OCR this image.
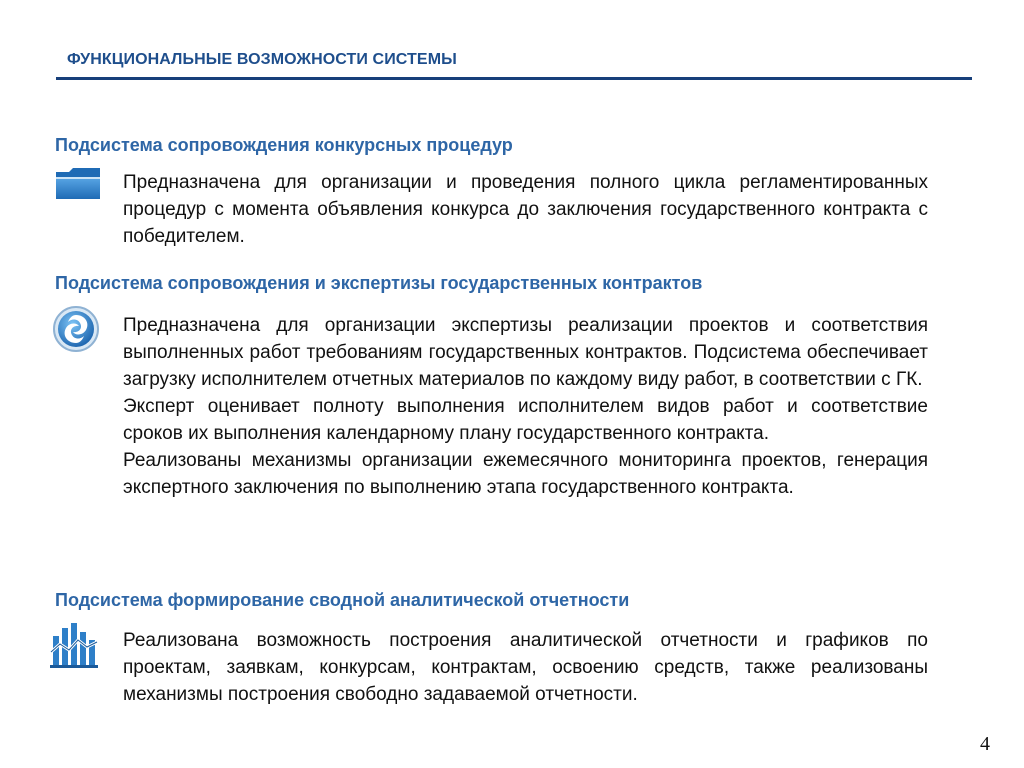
ФУНКЦИОНАЛЬНЫЕ ВОЗМОЖНОСТИ СИСТЕМЫ
Подсистема сопровождения конкурсных процедур

Предназначена для организации и проведения полного цикла регламентированных процедур с момента объявления конкурса до заключения государственного контракта с победителем.

Подсистема сопровождения и экспертизы государственных контрактов

Предназначена для организации экспертизы реализации проектов и соответствия выполненных работ требованиям государственных контрактов. Подсистема обеспечивает загрузку исполнителем отчетных материалов по каждому виду работ, в соответствии с ГК.

Эксперт оценивает полноту выполнения исполнителем видов работ и соответствие сроков их выполнения календарному плану государственного контракта.

Реализованы механизмы организации ежемесячного мониторинга проектов, генерация экспертного заключения по выполнению этапа государственного контракта.

Подсистема формирование сводной аналитической отчетности

Реализована возможность построения аналитической отчетности и графиков по проектам, заявкам, конкурсам, контрактам, освоению средств, также реализованы механизмы построения свободно задаваемой отчетности.

4
